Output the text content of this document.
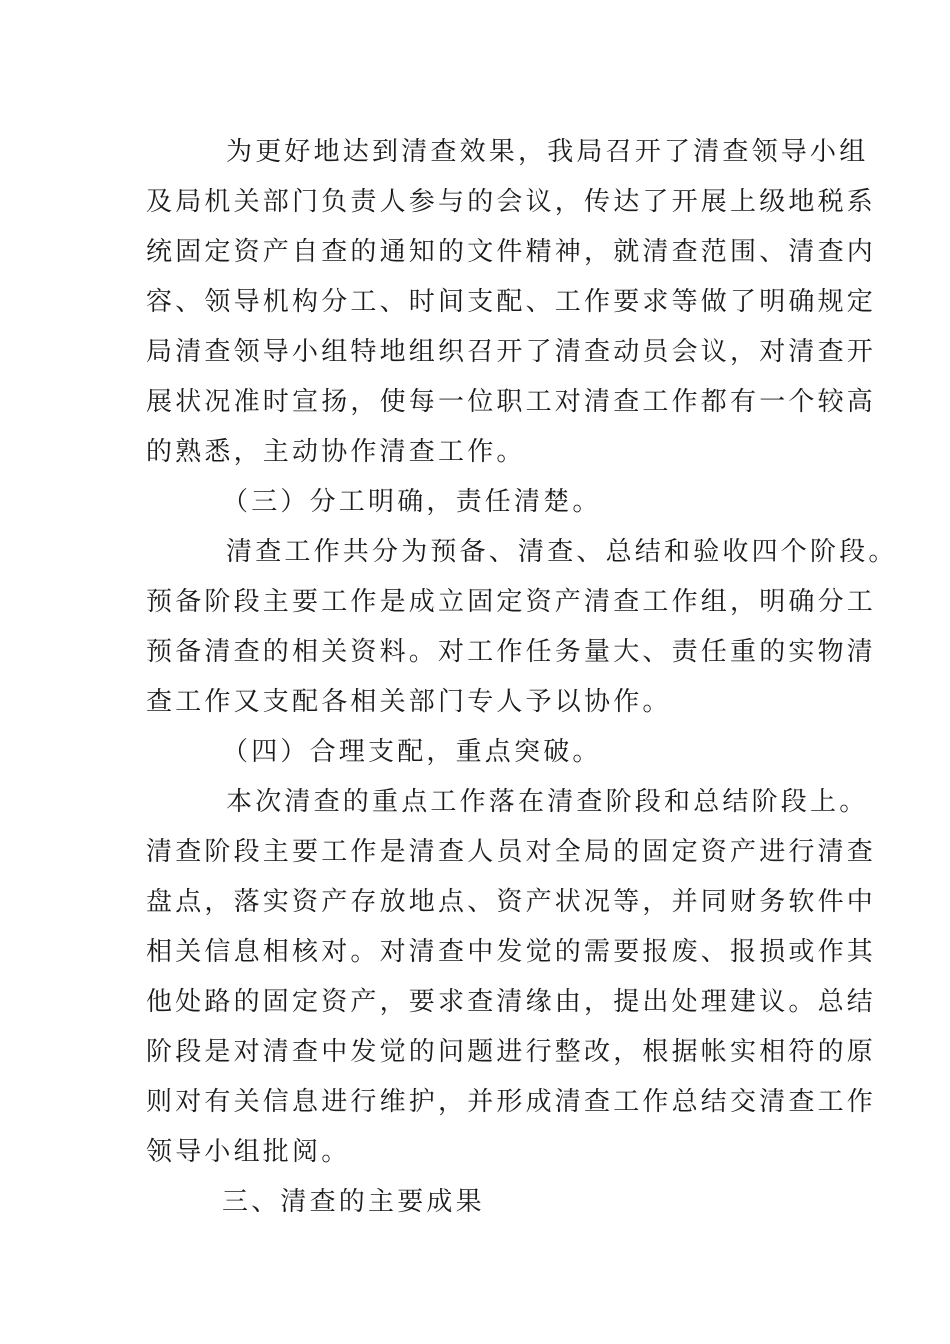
为更好地达到清查效果，我局召开了清查领导小组
及局机关部门负责人参与的会议，传达了开展上级地税系
统固定资产自查的通知的文件精神，就清查范围、清查内
容、领导机构分工、时间支配、工作要求等做了明确规定
局清查领导小组特地组织召开了清查动员会议，对清查开
展状况准时宣扬，使每一位职工对清查工作都有一个较高
的熟悉，主动协作清查工作。
（三）分工明确，责任清楚。
清查工作共分为预备、清查、总结和验收四个阶段。
预备阶段主要工作是成立固定资产清查工作组，明确分工
预备清查的相关资料。对工作任务量大、责任重的实物清
查工作又支配各相关部门专人予以协作。
（四）合理支配，重点突破。
本次清查的重点工作落在清查阶段和总结阶段上。
清查阶段主要工作是清查人员对全局的固定资产进行清查
盘点，落实资产存放地点、资产状况等，并同财务软件中
相关信息相核对。对清查中发觉的需要报废、报损或作其
他处路的固定资产，要求查清缘由，提出处理建议。总结
阶段是对清查中发觉的问题进行整改，根据帐实相符的原
则对有关信息进行维护，并形成清查工作总结交清查工作
领导小组批阅。
三、清查的主要成果
